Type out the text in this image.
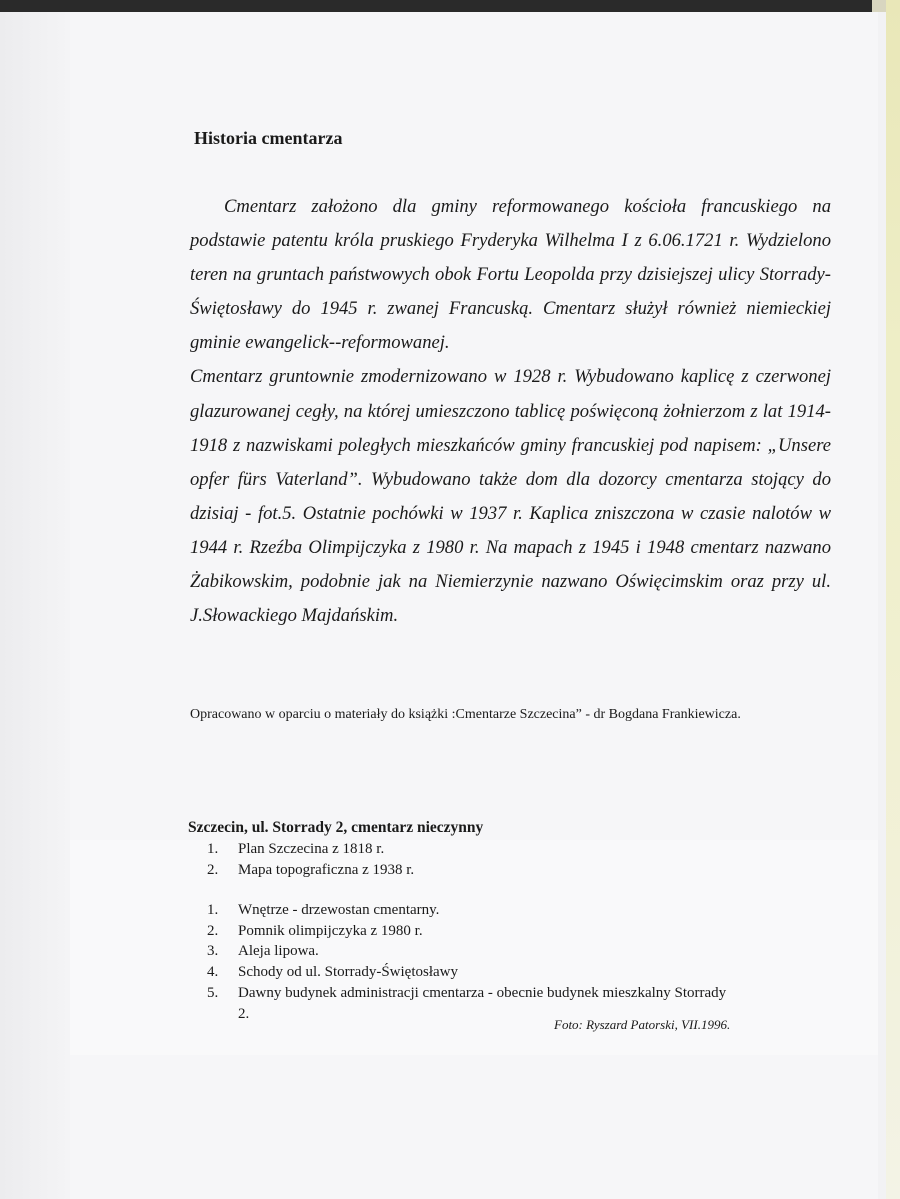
Historia cmentarza

Cmentarz założono dla gminy reformowanego kościoła francuskiego na podstawie patentu króla pruskiego Fryderyka Wilhelma I z 6.06.1721 r. Wydzielono teren na gruntach państwowych obok Fortu Leopolda przy dzisiejszej ulicy Storrady-Świętosławy do 1945 r. zwanej Francuską. Cmentarz służył również niemieckiej gminie ewangelick--reformowanej.

Cmentarz gruntownie zmodernizowano w 1928 r. Wybudowano kaplicę z czerwonej glazurowanej cegły, na której umieszczono tablicę poświęconą żołnierzom z lat 1914-1918 z nazwiskami poległych mieszkańców gminy francuskiej pod napisem: „Unsere opfer fürs Vaterland”. Wybudowano także dom dla dozorcy cmentarza stojący do dzisiaj - fot.5. Ostatnie pochówki w 1937 r. Kaplica zniszczona w czasie nalotów w 1944 r. Rzeźba Olimpijczyka z 1980 r. Na mapach z 1945 i 1948 cmentarz nazwano Żabikowskim, podobnie jak na Niemierzynie nazwano Oświęcimskim oraz przy ul. J.Słowackiego Majdańskim.

Opracowano w oparciu o materiały do książki :Cmentarze Szczecina” - dr Bogdana Frankiewicza.

Szczecin, ul. Storrady 2, cmentarz nieczynny

1.	Plan Szczecina z 1818 r.
2.	Mapa topograficzna z 1938 r.
1.	Wnętrze - drzewostan cmentarny.
2.	Pomnik olimpijczyka z 1980 r.
3.	Aleja lipowa.
4.	Schody od ul. Storrady-Świętosławy
5.	Dawny budynek administracji cmentarza - obecnie budynek mieszkalny Storrady 2.

Foto: Ryszard Patorski, VII.1996.
